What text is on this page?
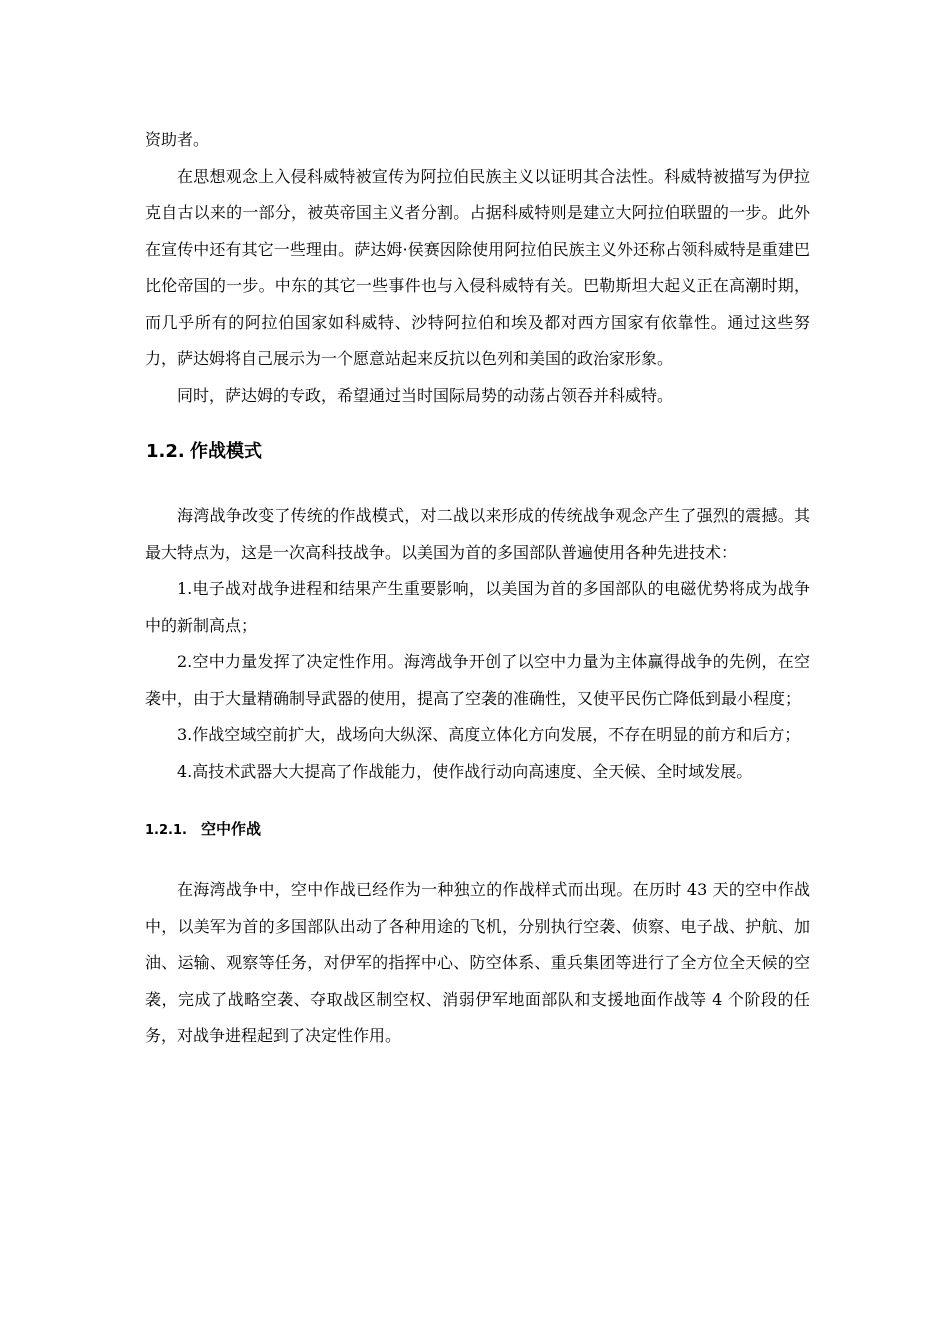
资助者。

在思想观念上入侵科威特被宣传为阿拉伯民族主义以证明其合法性。科威特被描写为伊拉克自古以来的一部分，被英帝国主义者分割。占据科威特则是建立大阿拉伯联盟的一步。此外在宣传中还有其它一些理由。萨达姆·侯赛因除使用阿拉伯民族主义外还称占领科威特是重建巴比伦帝国的一步。中东的其它一些事件也与入侵科威特有关。巴勒斯坦大起义正在高潮时期，而几乎所有的阿拉伯国家如科威特、沙特阿拉伯和埃及都对西方国家有依靠性。通过这些努力，萨达姆将自己展示为一个愿意站起来反抗以色列和美国的政治家形象。

同时，萨达姆的专政，希望通过当时国际局势的动荡占领吞并科威特。

1.2. 作战模式

海湾战争改变了传统的作战模式，对二战以来形成的传统战争观念产生了强烈的震撼。其最大特点为，这是一次高科技战争。以美国为首的多国部队普遍使用各种先进技术：

1.电子战对战争进程和结果产生重要影响，以美国为首的多国部队的电磁优势将成为战争中的新制高点；

2.空中力量发挥了决定性作用。海湾战争开创了以空中力量为主体赢得战争的先例，在空袭中，由于大量精确制导武器的使用，提高了空袭的准确性，又使平民伤亡降低到最小程度；

3.作战空域空前扩大，战场向大纵深、高度立体化方向发展，不存在明显的前方和后方；

4.高技术武器大大提高了作战能力，使作战行动向高速度、全天候、全时域发展。

1.2.1. 空中作战

在海湾战争中，空中作战已经作为一种独立的作战样式而出现。在历时 43 天的空中作战中，以美军为首的多国部队出动了各种用途的飞机，分别执行空袭、侦察、电子战、护航、加油、运输、观察等任务，对伊军的指挥中心、防空体系、重兵集团等进行了全方位全天候的空袭，完成了战略空袭、夺取战区制空权、消弱伊军地面部队和支援地面作战等 4 个阶段的任务，对战争进程起到了决定性作用。
